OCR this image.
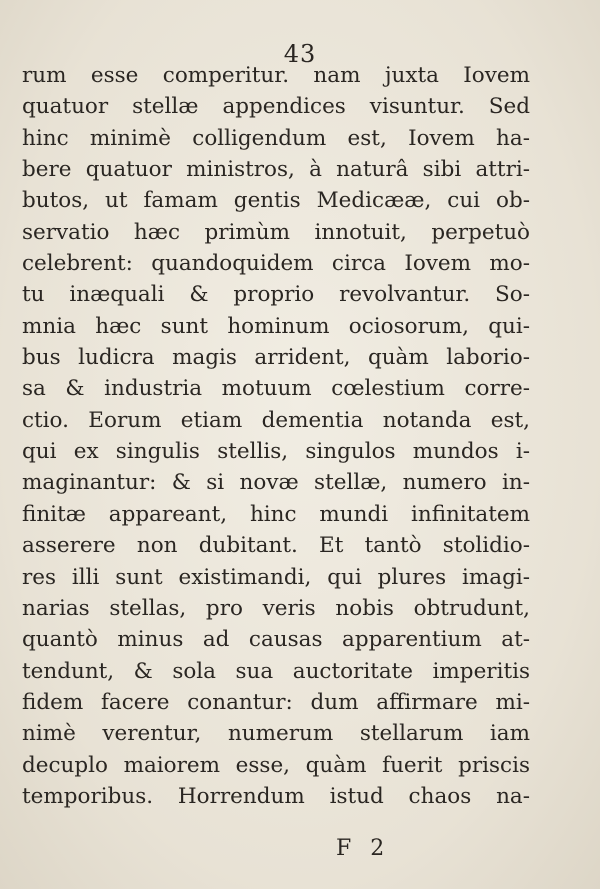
43
rum esse comperitur. nam juxta Iovem
quatuor stellæ appendices visuntur. Sed
hinc minimè colligendum est, Iovem ha-
bere quatuor ministros, à naturâ sibi attri-
butos, ut famam gentis Medicææ, cui ob-
servatio hæc primùm innotuit, perpetuò
celebrent: quandoquidem circa Iovem mo-
tu inæquali & proprio revolvantur. So-
mnia hæc sunt hominum ociosorum, qui-
bus ludicra magis arrident, quàm laborio-
sa & industria motuum cœlestium corre-
ctio. Eorum etiam dementia notanda est,
qui ex singulis stellis, singulos mundos i-
maginantur: & si novæ stellæ, numero in-
finitæ appareant, hinc mundi infinitatem
asserere non dubitant. Et tantò stolidio-
res illi sunt existimandi, qui plures imagi-
narias stellas, pro veris nobis obtrudunt,
quantò minus ad causas apparentium at-
tendunt, & sola sua auctoritate imperitis
fidem facere conantur: dum affirmare mi-
nimè verentur, numerum stellarum iam
decuplo maiorem esse, quàm fuerit priscis
temporibus. Horrendum istud chaos na-
F 2
